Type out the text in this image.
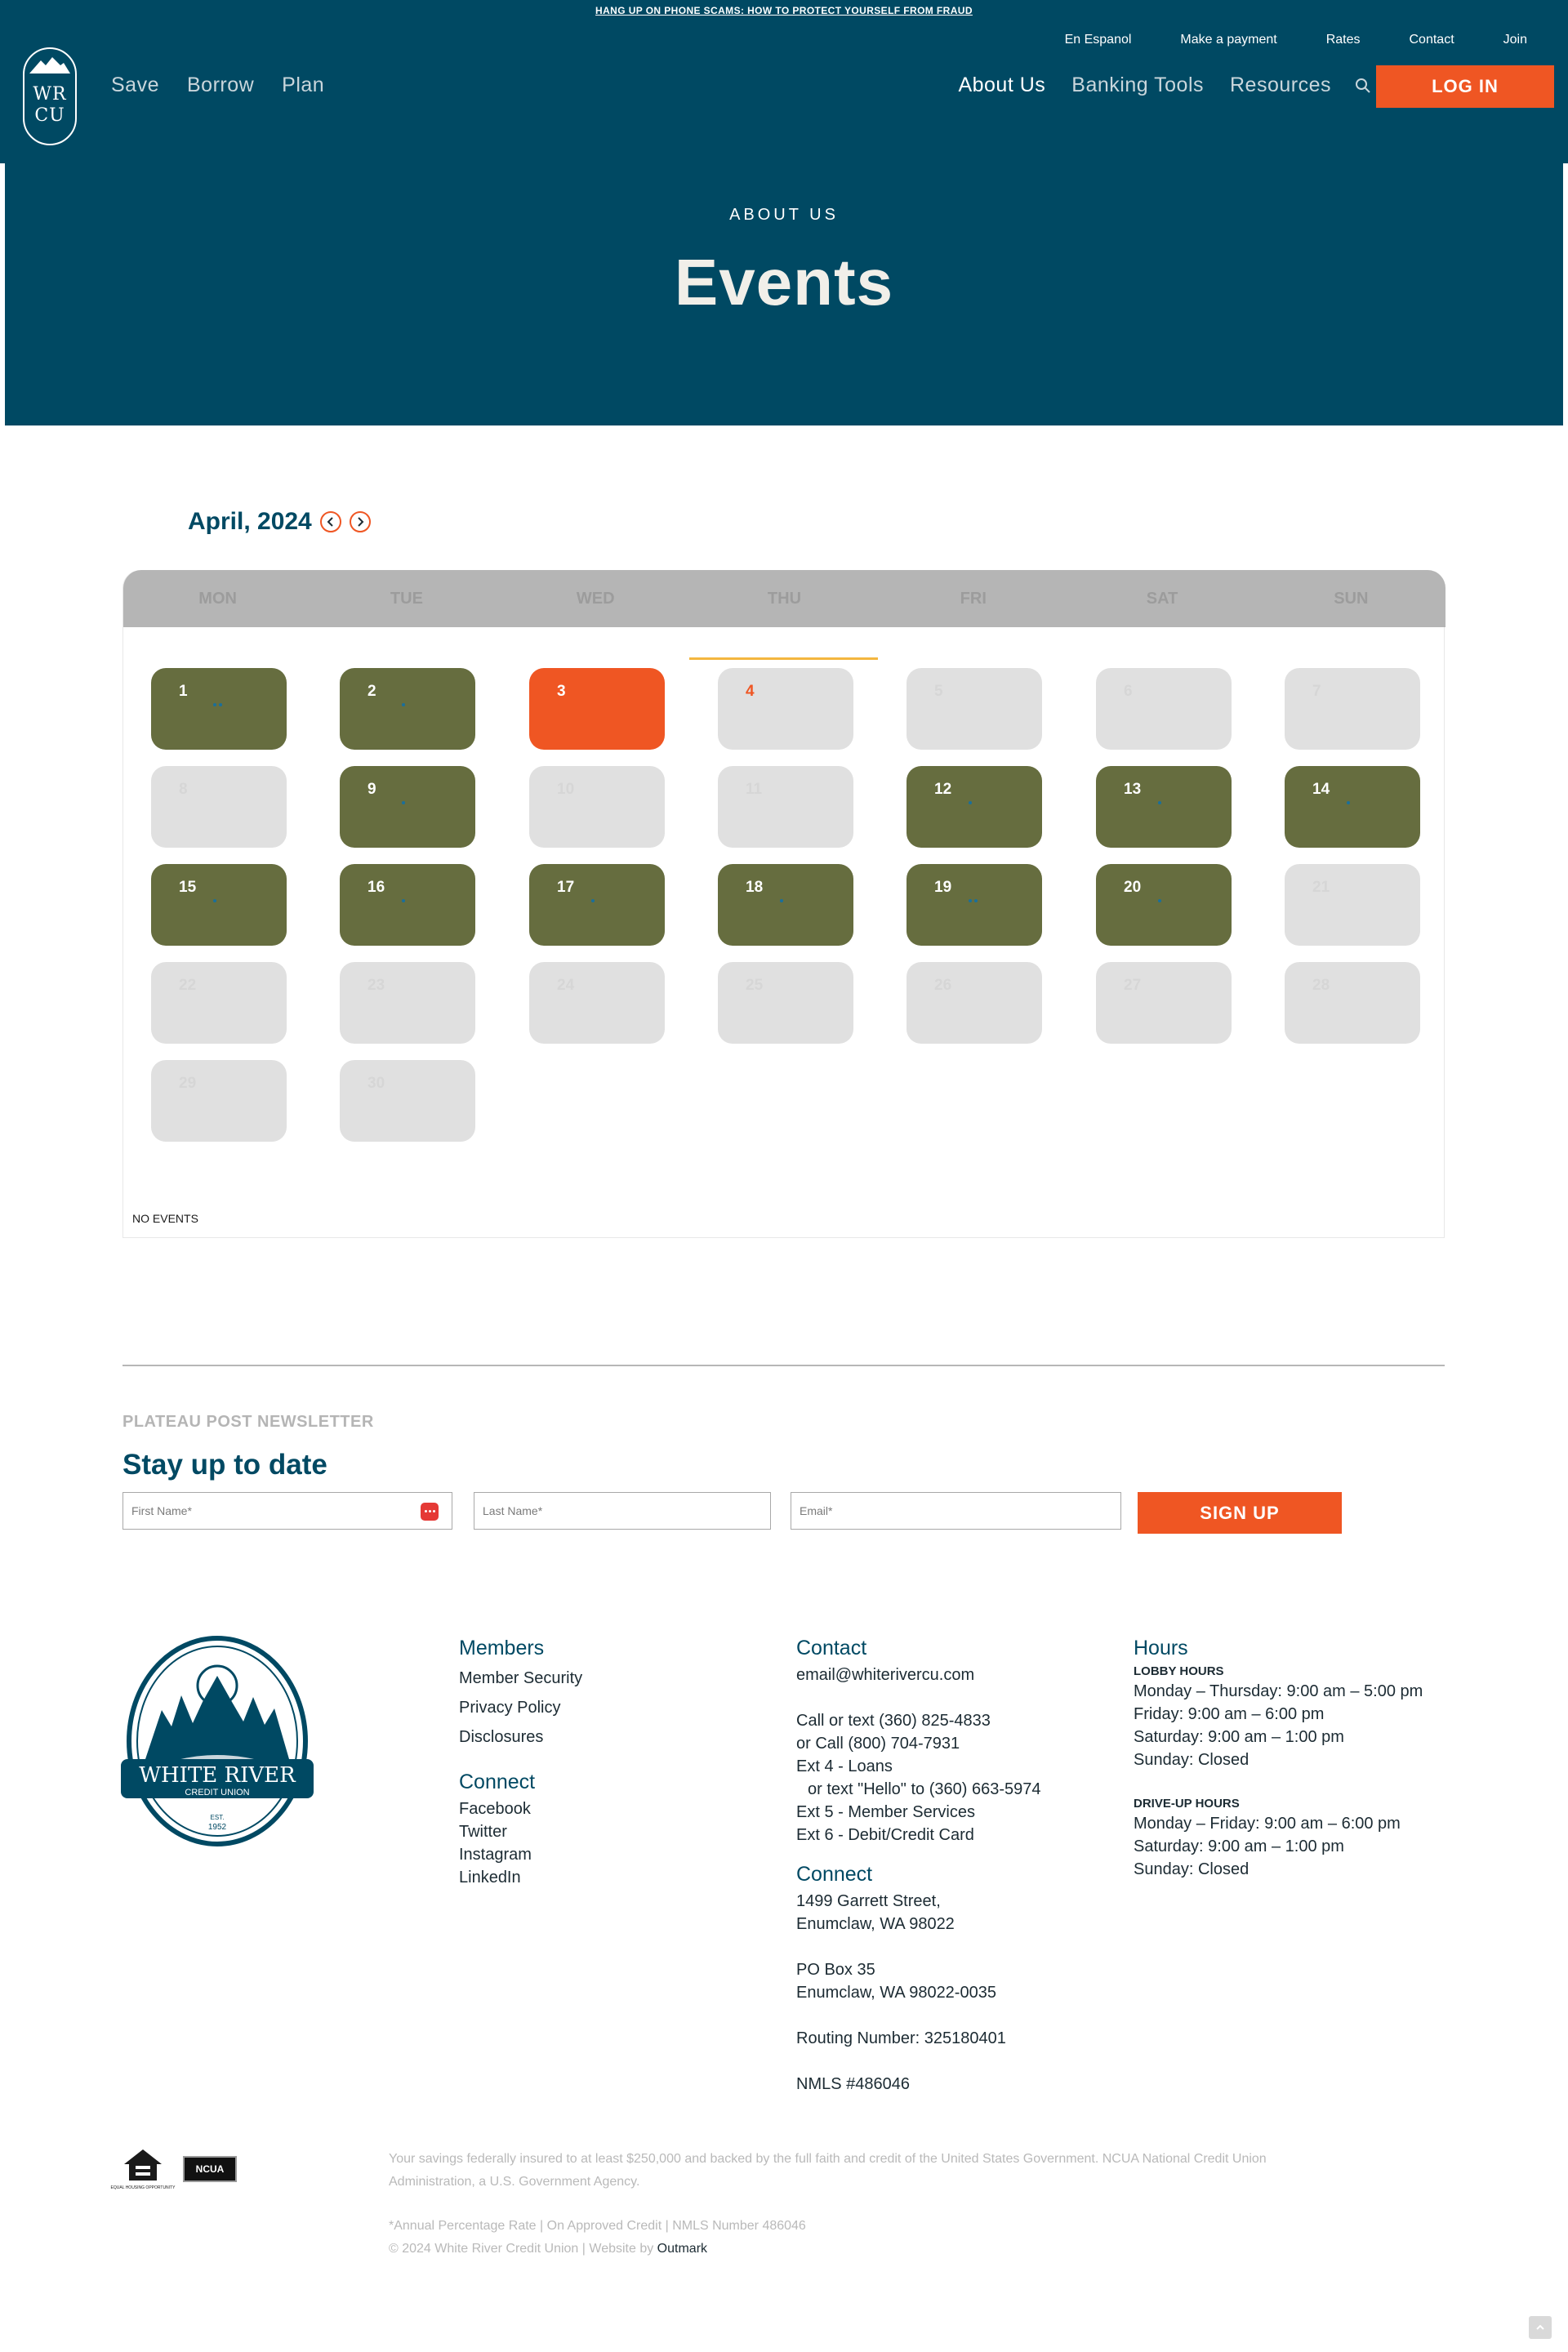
HANG UP ON PHONE SCAMS: HOW TO PROTECT YOURSELF FROM FRAUD
En Espanol	Make a payment	Rates	Contact	Join
WR
CU
Save Borrow Plan	About Us Banking Tools Resources	LOG IN
ABOUT US
Events
April, 2024
MON	TUE	WED	THU	FRI	SAT	SUN
1	2	3	4	5	6	7
8	9	10	11	12	13	14
15	16	17	18	19	20	21
22	23	24	25	26	27	28
29	30
NO EVENTS
PLATEAU POST NEWSLETTER
Stay up to date
First Name*	Last Name*	Email*	SIGN UP
WHITE RIVER
CREDIT UNION
EST.
1952
Members
Member Security
Privacy Policy
Disclosures
Connect
Facebook
Twitter
Instagram
LinkedIn
Contact
email@whiterivercu.com
Call or text (360) 825-4833
or Call (800) 704-7931
Ext 4 - Loans
or text "Hello" to (360) 663-5974
Ext 5 - Member Services
Ext 6 - Debit/Credit Card
Connect
1499 Garrett Street,
Enumclaw, WA 98022
PO Box 35
Enumclaw, WA 98022-0035
Routing Number: 325180401
NMLS #486046
Hours
LOBBY HOURS
Monday – Thursday: 9:00 am – 5:00 pm
Friday: 9:00 am – 6:00 pm
Saturday: 9:00 am – 1:00 pm
Sunday: Closed
DRIVE-UP HOURS
Monday – Friday: 9:00 am – 6:00 pm
Saturday: 9:00 am – 1:00 pm
Sunday: Closed
EQUAL HOUSING OPPORTUNITY
NCUA

Your savings federally insured to at least $250,000 and backed by the full faith and credit of the United States Government. NCUA National Credit Union Administration, a U.S. Government Agency.

*Annual Percentage Rate | On Approved Credit | NMLS Number 486046

© 2024 White River Credit Union | Website by Outmark
